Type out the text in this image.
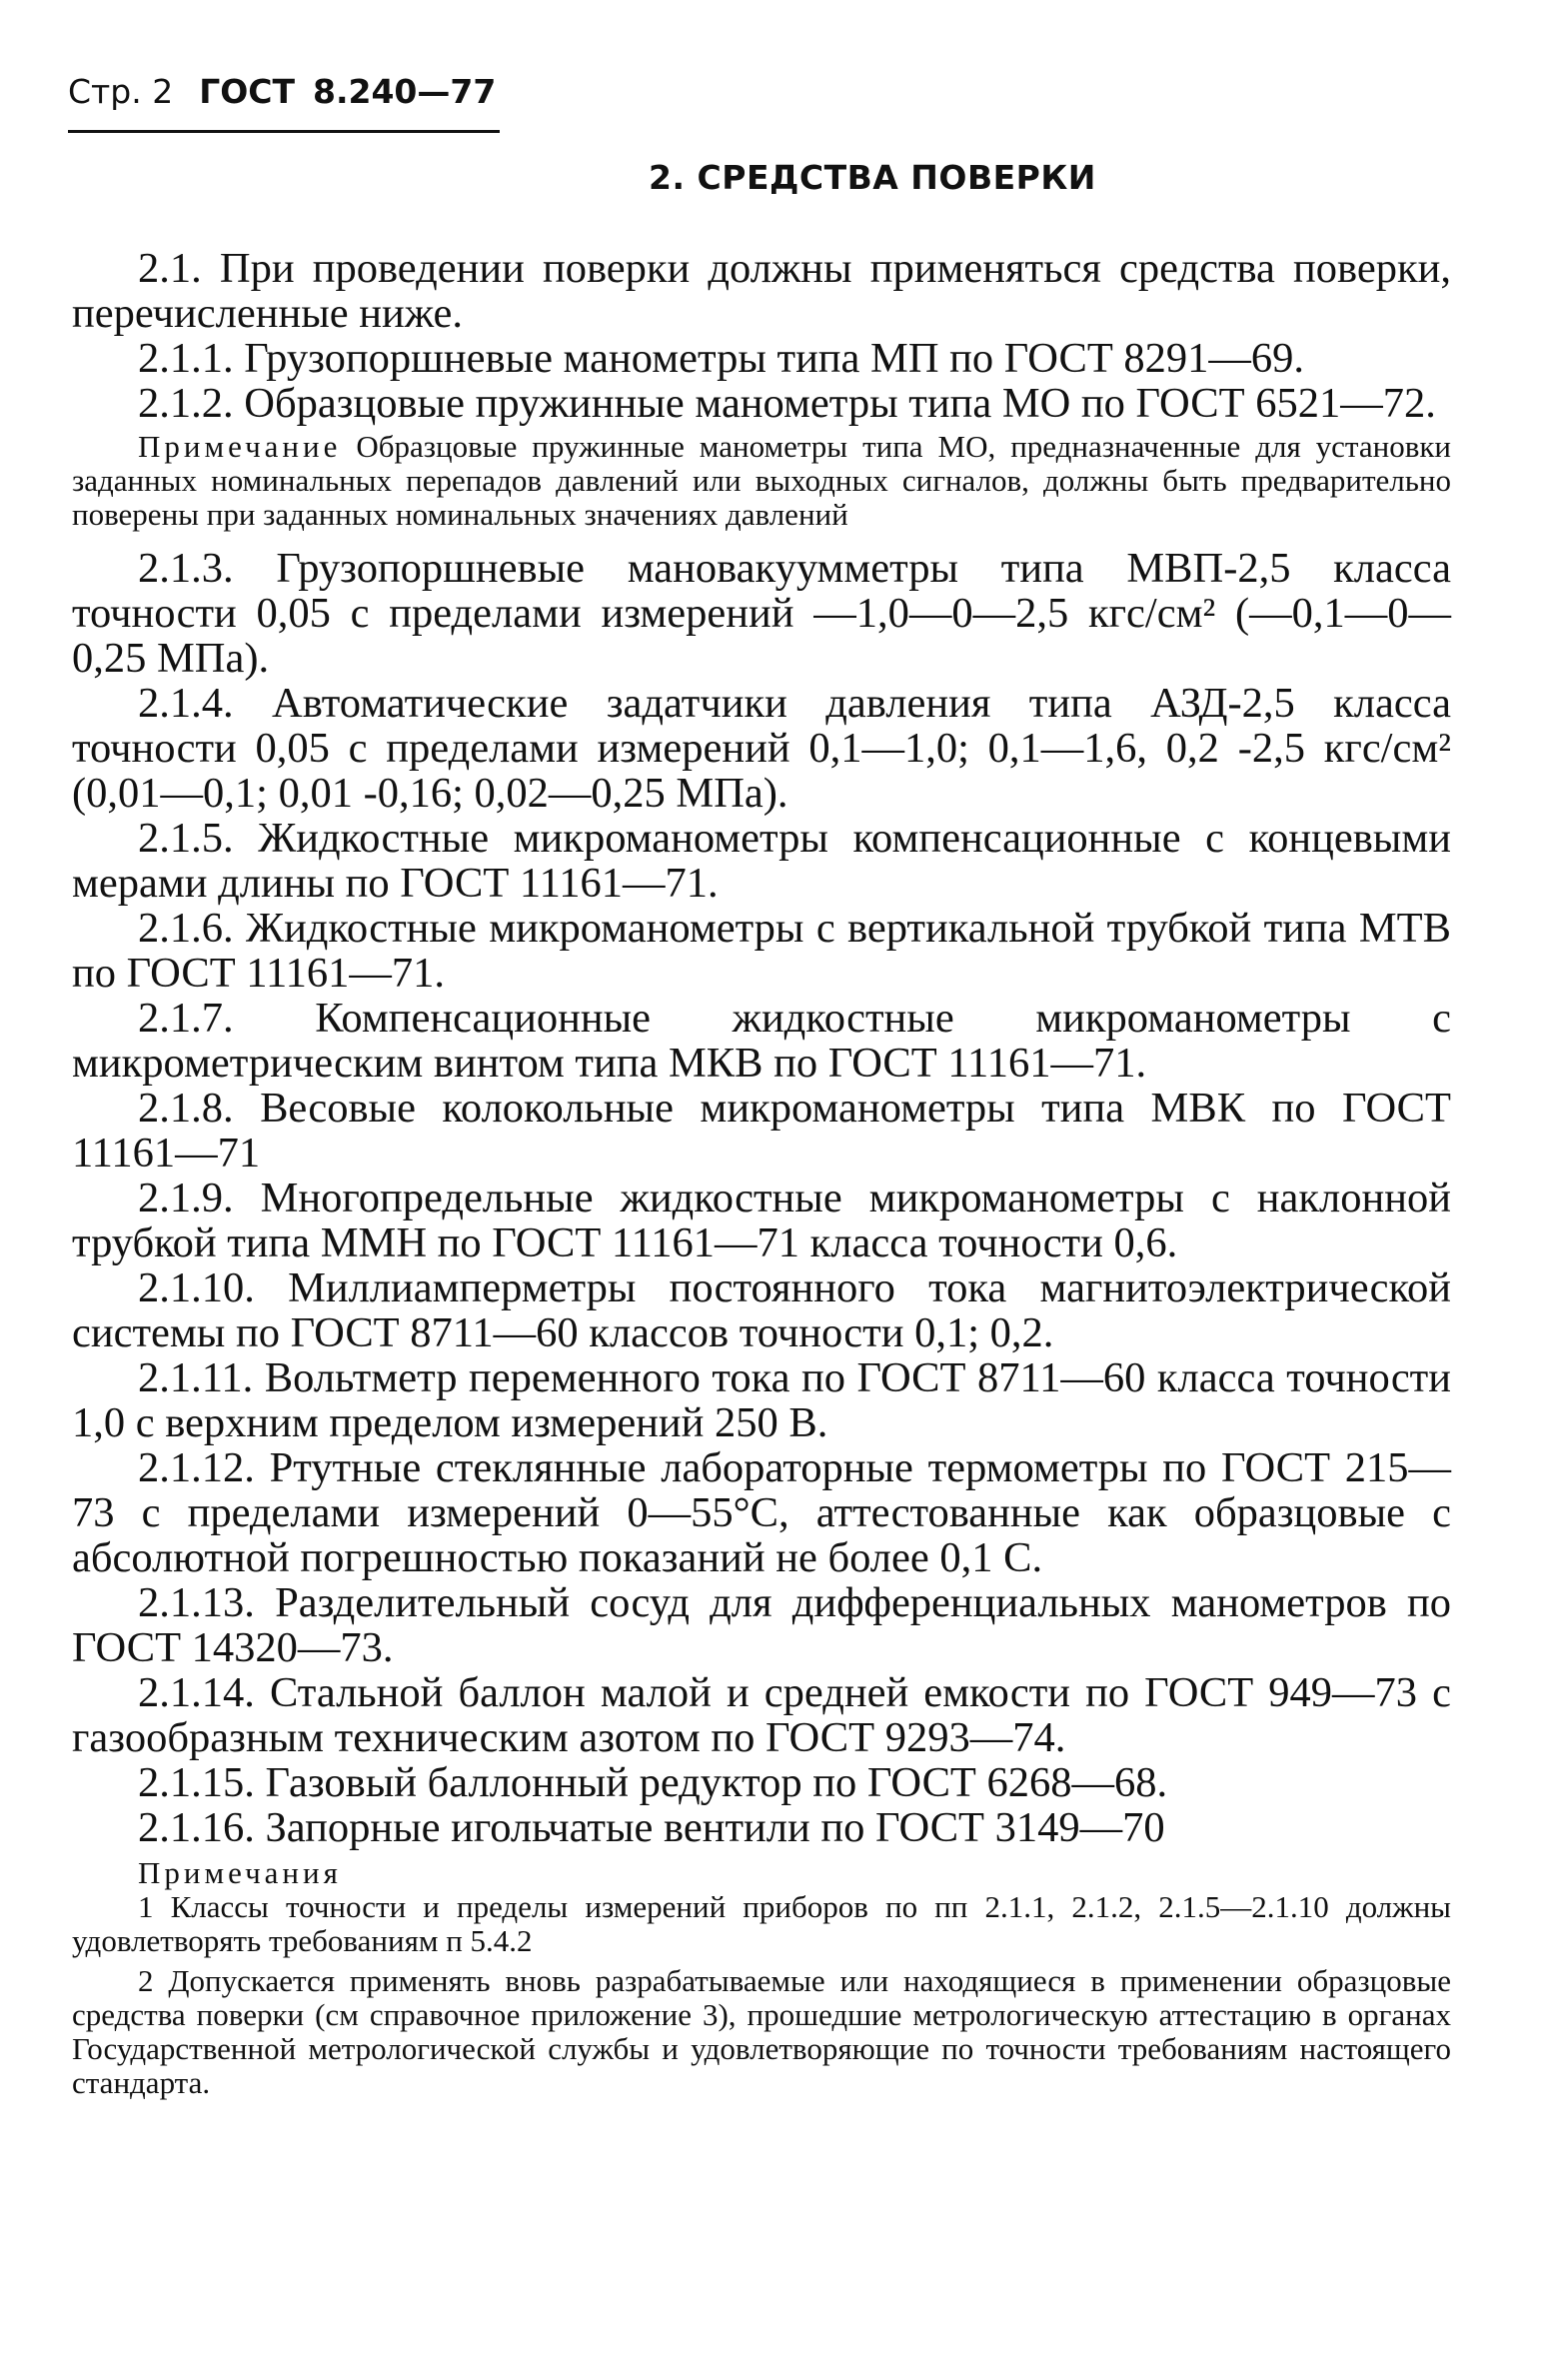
Стр. 2 ГОСТ 8.240—77
2. СРЕДСТВА ПОВЕРКИ

2.1. При проведении поверки должны применяться средства поверки, перечисленные ниже.

2.1.1. Грузопоршневые манометры типа МП по ГОСТ 8291—69.

2.1.2. Образцовые пружинные манометры типа МО по ГОСТ 6521—72.

Примечание Образцовые пружинные манометры типа МО, предназначенные для установки заданных номинальных перепадов давлений или выходных сигналов, должны быть предварительно поверены при заданных номинальных значениях давлений

2.1.3. Грузопоршневые мановакуумметры типа МВП-2,5 класса точности 0,05 с пределами измерений —1,0—0—2,5 кгс/см² (—0,1—0—0,25 МПа).

2.1.4. Автоматические задатчики давления типа АЗД-2,5 класса точности 0,05 с пределами измерений 0,1—1,0; 0,1—1,6, 0,2 -2,5 кгс/см² (0,01—0,1; 0,01 -0,16; 0,02—0,25 МПа).

2.1.5. Жидкостные микроманометры компенсационные с концевыми мерами длины по ГОСТ 11161—71.

2.1.6. Жидкостные микроманометры с вертикальной трубкой типа МТВ по ГОСТ 11161—71.

2.1.7. Компенсационные жидкостные микроманометры с микрометрическим винтом типа МКВ по ГОСТ 11161—71.

2.1.8. Весовые колокольные микроманометры типа МВК по ГОСТ 11161—71

2.1.9. Многопредельные жидкостные микроманометры с наклонной трубкой типа ММН по ГОСТ 11161—71 класса точности 0,6.

2.1.10. Миллиамперметры постоянного тока магнитоэлектрической системы по ГОСТ 8711—60 классов точности 0,1; 0,2.

2.1.11. Вольтметр переменного тока по ГОСТ 8711—60 класса точности 1,0 с верхним пределом измерений 250 В.

2.1.12. Ртутные стеклянные лабораторные термометры по ГОСТ 215—73 с пределами измерений 0—55°С, аттестованные как образцовые с абсолютной погрешностью показаний не более 0,1 С.

2.1.13. Разделительный сосуд для дифференциальных манометров по ГОСТ 14320—73.

2.1.14. Стальной баллон малой и средней емкости по ГОСТ 949—73 с газообразным техническим азотом по ГОСТ 9293—74.

2.1.15. Газовый баллонный редуктор по ГОСТ 6268—68.

2.1.16. Запорные игольчатые вентили по ГОСТ 3149—70

Примечания

1 Классы точности и пределы измерений приборов по пп 2.1.1, 2.1.2, 2.1.5—2.1.10 должны удовлетворять требованиям п 5.4.2

2 Допускается применять вновь разрабатываемые или находящиеся в применении образцовые средства поверки (см справочное приложение 3), прошедшие метрологическую аттестацию в органах Государственной метрологической службы и удовлетворяющие по точности требованиям настоящего стандарта.
